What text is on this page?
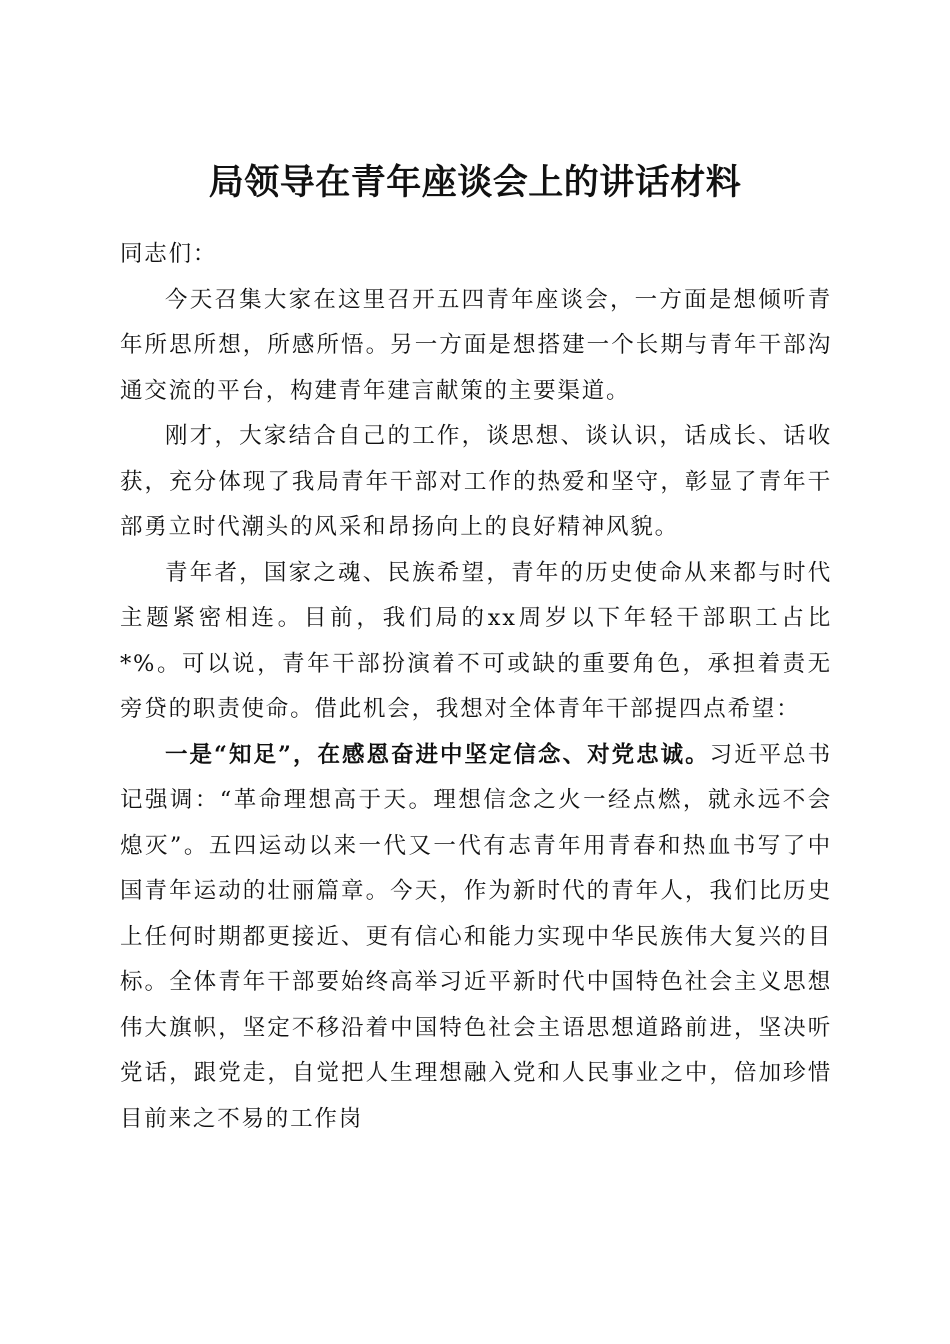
局领导在青年座谈会上的讲话材料

同志们：

今天召集大家在这里召开五四青年座谈会，一方面是想倾听青年所思所想，所感所悟。另一方面是想搭建一个长期与青年干部沟通交流的平台，构建青年建言献策的主要渠道。

刚才，大家结合自己的工作，谈思想、谈认识，话成长、话收获，充分体现了我局青年干部对工作的热爱和坚守，彰显了青年干部勇立时代潮头的风采和昂扬向上的良好精神风貌。

青年者，国家之魂、民族希望，青年的历史使命从来都与时代主题紧密相连。目前，我们局的xx周岁以下年轻干部职工占比*%。可以说，青年干部扮演着不可或缺的重要角色，承担着责无旁贷的职责使命。借此机会，我想对全体青年干部提四点希望：

一是“知足”，在感恩奋进中坚定信念、对党忠诚。习近平总书记强调：“革命理想高于天。理想信念之火一经点燃，就永远不会熄灭”。五四运动以来一代又一代有志青年用青春和热血书写了中国青年运动的壮丽篇章。今天，作为新时代的青年人，我们比历史上任何时期都更接近、更有信心和能力实现中华民族伟大复兴的目标。全体青年干部要始终高举习近平新时代中国特色社会主义思想伟大旗帜，坚定不移沿着中国特色社会主语思想道路前进，坚决听党话，跟党走，自觉把人生理想融入党和人民事业之中，倍加珍惜目前来之不易的工作岗
